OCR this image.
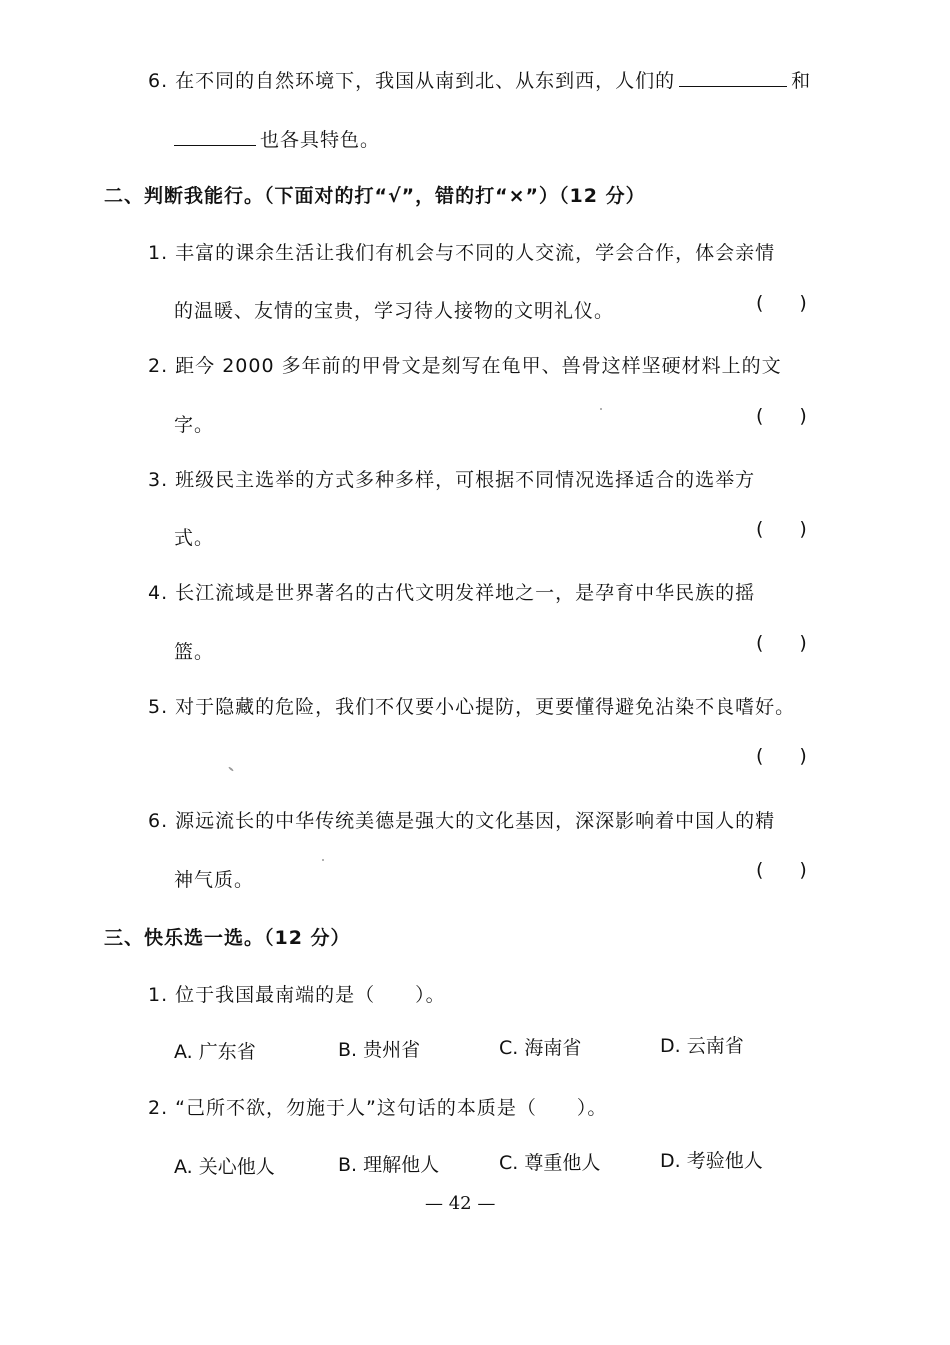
6. 在不同的自然环境下，我国从南到北、从东到西，人们的	和
也各具特色。
二、判断我能行。（下面对的打“√”，错的打“×”）（12 分）
1. 丰富的课余生活让我们有机会与不同的人交流，学会合作，体会亲情
的温暖、友情的宝贵，学习待人接物的文明礼仪。	( )
2. 距今 2000 多年前的甲骨文是刻写在龟甲、兽骨这样坚硬材料上的文
字。	( )
3. 班级民主选举的方式多种多样，可根据不同情况选择适合的选举方
式。	( )
4. 长江流域是世界著名的古代文明发祥地之一，是孕育中华民族的摇
篮。	( )
5. 对于隐藏的危险，我们不仅要小心提防，更要懂得避免沾染不良嗜好。
( )
6. 源远流长的中华传统美德是强大的文化基因，深深影响着中国人的精
神气质。	( )
三、快乐选一选。（12 分）
1. 位于我国最南端的是（　　）。
A. 广东省	B. 贵州省	C. 海南省	D. 云南省
2. “己所不欲，勿施于人”这句话的本质是（　　）。
A. 关心他人	B. 理解他人	C. 尊重他人	D. 考验他人
— 42 —
